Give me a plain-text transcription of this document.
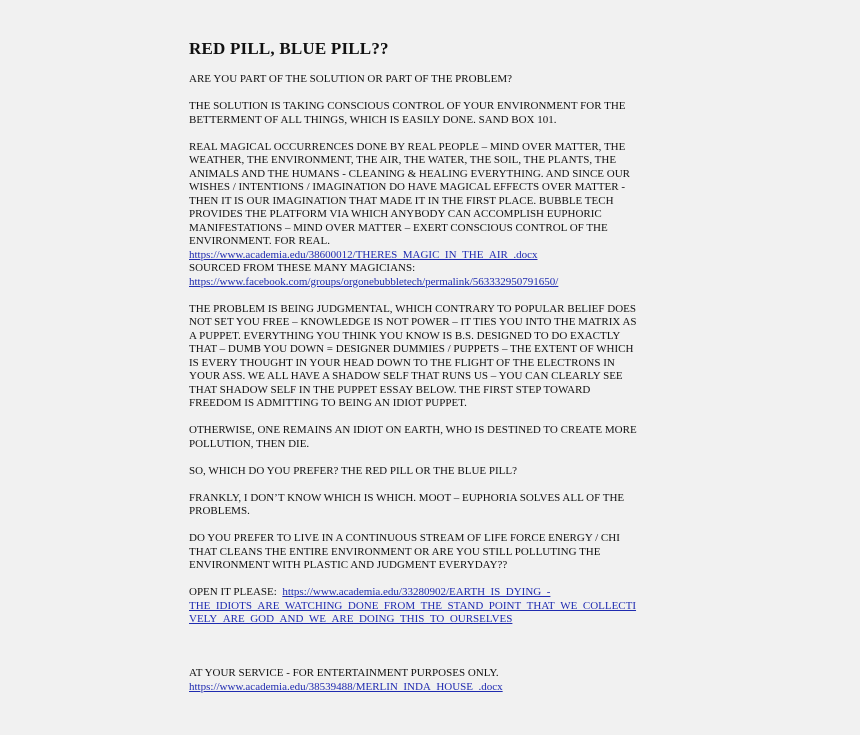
RED PILL, BLUE PILL??

ARE YOU PART OF THE SOLUTION OR PART OF THE PROBLEM?

THE SOLUTION IS TAKING CONSCIOUS CONTROL OF YOUR ENVIRONMENT FOR THE
BETTERMENT OF ALL THINGS, WHICH IS EASILY DONE. SAND BOX 101.

REAL MAGICAL OCCURRENCES DONE BY REAL PEOPLE – MIND OVER MATTER, THE
WEATHER, THE ENVIRONMENT, THE AIR, THE WATER, THE SOIL, THE PLANTS, THE
ANIMALS AND THE HUMANS - CLEANING & HEALING EVERYTHING. AND SINCE OUR
WISHES / INTENTIONS / IMAGINATION DO HAVE MAGICAL EFFECTS OVER MATTER -
THEN IT IS OUR IMAGINATION THAT MADE IT IN THE FIRST PLACE. BUBBLE TECH
PROVIDES THE PLATFORM VIA WHICH ANYBODY CAN ACCOMPLISH EUPHORIC
MANIFESTATIONS – MIND OVER MATTER – EXERT CONSCIOUS CONTROL OF THE
ENVIRONMENT. FOR REAL.

https://www.academia.edu/38600012/THERES_MAGIC_IN_THE_AIR_.docx
SOURCED FROM THESE MANY MAGICIANS:
https://www.facebook.com/groups/orgonebubbletech/permalink/563332950791650/

THE PROBLEM IS BEING JUDGMENTAL, WHICH CONTRARY TO POPULAR BELIEF DOES
NOT SET YOU FREE – KNOWLEDGE IS NOT POWER – IT TIES YOU INTO THE MATRIX AS
A PUPPET. EVERYTHING YOU THINK YOU KNOW IS B.S. DESIGNED TO DO EXACTLY
THAT – DUMB YOU DOWN = DESIGNER DUMMIES / PUPPETS – THE EXTENT OF WHICH
IS EVERY THOUGHT IN YOUR HEAD DOWN TO THE FLIGHT OF THE ELECTRONS IN
YOUR ASS. WE ALL HAVE A SHADOW SELF THAT RUNS US – YOU CAN CLEARLY SEE
THAT SHADOW SELF IN THE PUPPET ESSAY BELOW. THE FIRST STEP TOWARD
FREEDOM IS ADMITTING TO BEING AN IDIOT PUPPET.

OTHERWISE, ONE REMAINS AN IDIOT ON EARTH, WHO IS DESTINED TO CREATE MORE
POLLUTION, THEN DIE.

SO, WHICH DO YOU PREFER? THE RED PILL OR THE BLUE PILL?

FRANKLY, I DON’T KNOW WHICH IS WHICH. MOOT – EUPHORIA SOLVES ALL OF THE
PROBLEMS.

DO YOU PREFER TO LIVE IN A CONTINUOUS STREAM OF LIFE FORCE ENERGY / CHI
THAT CLEANS THE ENTIRE ENVIRONMENT OR ARE YOU STILL POLLUTING THE
ENVIRONMENT WITH PLASTIC AND JUDGMENT EVERYDAY??

OPEN IT PLEASE:  https://www.academia.edu/33280902/EARTH_IS_DYING_-
THE_IDIOTS_ARE_WATCHING_DONE_FROM_THE_STAND_POINT_THAT_WE_COLLECTI
VELY_ARE_GOD_AND_WE_ARE_DOING_THIS_TO_OURSELVES

AT YOUR SERVICE - FOR ENTERTAINMENT PURPOSES ONLY.
https://www.academia.edu/38539488/MERLIN_INDA_HOUSE_.docx
